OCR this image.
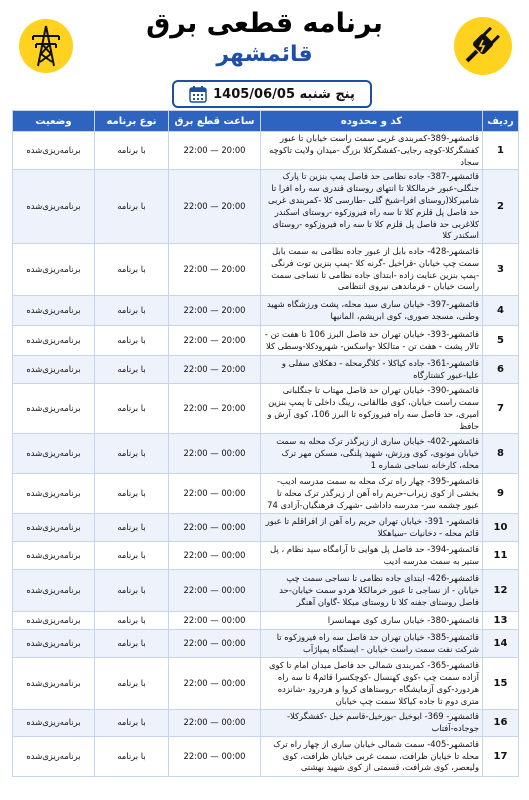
برنامه قطعی برق
قائمشهر
پنج شنبه 1405/06/05
ردیف	کد و محدوده	ساعت قطع برق	نوع برنامه	وضعیت
1	قائمشهر-389-کمربندی غربی سمت راست خیابان تا عبور کفشگرکلا-کوچه رجایی-کفشگرکلا بزرگ -میدان ولایت تاکوچه سجاد	20:00 — 22:00	با برنامه	برنامه‌ریزی‌شده
2	قائمشهر-387- جاده نظامی حد فاصل پمپ بنزین تا پارک جنگلی-عبور خرمالکلا تا انتهای روستای قندری سه راه افرا تا شامیرکلا(روستای افرا-شیخ گلی -طارسی کلا -کمربندی غربی حد فاصل پل قلزم کلا تا سه راه فیروزکوه -روستای اسکندر کلاغربی حد فاصل پل قلزم کلا تا سه راه فیروزکوه -روستای اسکندر کلا	20:00 — 22:00	با برنامه	برنامه‌ریزی‌شده
3	قائمشهر-428- جاده بابل از عبور جاده نظامی به سمت بابل سمت چپ خیابان -قراخیل -گرنه کلا -پمپ بنزین توت فرنگی -پمپ بنزین عنایت زاده -ابتدای جاده نظامی تا نساجی سمت راست خیابان - فرماندهی نیروی انتظامی	20:00 — 22:00	با برنامه	برنامه‌ریزی‌شده
4	قائمشهر-397- خیابان ساری سید محله، پشت ورزشگاه شهید وطنی، مسجد صوری، کوی ابریشم، المانیها	20:00 — 22:00	با برنامه	برنامه‌ریزی‌شده
5	قائمشهر-393- خیابان تهران حد فاصل البرز 106 تا هفت تن - تالار پشت - هفت تن - متالکلا -واسکس- شهرودکلا-وسطی کلا	20:00 — 22:00	با برنامه	برنامه‌ریزی‌شده
6	قائمشهر-361- جاده کیاکلا - کلاگرمحله - دهکلای سفلی و علیا-عبور کشتارگاه	20:00 — 22:00	با برنامه	برنامه‌ریزی‌شده
7	قائمشهر-390- خیابان تهران حد فاصل مهتاب تا جنگلبانی سمت راست خیابان، کوی طالقانی، رینگ داخلی تا پمپ بنزین امیری، حد فاصل سه راه فیروزکوه تا البرز 106، کوی آرش و حافظ	20:00 — 22:00	با برنامه	برنامه‌ریزی‌شده
8	قائمشهر-402- خیابان ساری از زیرگذر ترک محله به سمت خیابان مونوی، کوی ورزش، شهید پلنگی، مسکن مهر ترک محله، کارخانه نساجی شماره 1	00:00 — 22:00	با برنامه	برنامه‌ریزی‌شده
9	قائمشهر-395- چهار راه ترک محله به سمت مدرسه ادیب-بخشی از کوی زیراب-حریم راه آهن از زیرگذر ترک محله تا عبور چشمه سر- مدرسه داداشی -شهرک فرهنگیان-آزادی 74	00:00 — 22:00	با برنامه	برنامه‌ریزی‌شده
10	قائمشهر- 391- خیابان تهران حریم راه آهن از افراقلم تا عبور قائم محله - دخانیات -سیاهکلا	00:00 — 22:00	با برنامه	برنامه‌ریزی‌شده
11	قائمشهر-394- حد فاصل پل هوایی تا آرامگاه سید نظام ، پل ستیر به سمت مدرسه ادیب	00:00 — 22:00	با برنامه	برنامه‌ریزی‌شده
12	قائمشهر-426- ابتدای جاده نظامی تا نساجی سمت چپ خیابان - از نساجی تا عبور خرمالکلا هردو سمت خیابان-حد فاصل روستای جفنه کلا تا روستای میکلا -گاوان آهنگر	00:00 — 22:00	با برنامه	برنامه‌ریزی‌شده
13	قائمشهر-380- خیابان ساری کوی مهمانسرا	00:00 — 22:00	با برنامه	برنامه‌ریزی‌شده
14	قائمشهر-385- خیابان تهران حد فاصل سه راه فیروزکوه تا شرکت نفت سمت راست خیابان - ایستگاه پمپاژآب	00:00 — 22:00	با برنامه	برنامه‌ریزی‌شده
15	قائمشهر-365- کمربندی شمالی حد فاصل میدان امام تا کوی آزاده سمت چپ -کوی کهنسال -کوچکسرا قائم4 تا سه راه هردورد-کوی آزمایشگاه -روستاهای کروا و هردرود -شانزده متری دوم تا جاده کیاکلا سمت چپ خیابان	00:00 — 22:00	با برنامه	برنامه‌ریزی‌شده
16	قائمشهر- 369- ابوخیل -بورخیل-قاسم خیل -کفشگرکلا-جوجاده-آفتاب	00:00 — 22:00	با برنامه	برنامه‌ریزی‌شده
17	قائمشهر-405- سمت شمالی خیابان ساری از چهار راه ترک محله تا خیابان ظرافت، سمت غربی خیابان ظرافت، کوی ولیعصر، کوی شرافت، قسمتی از کوی شهید بهشتی	00:00 — 22:00	با برنامه	برنامه‌ریزی‌شده
